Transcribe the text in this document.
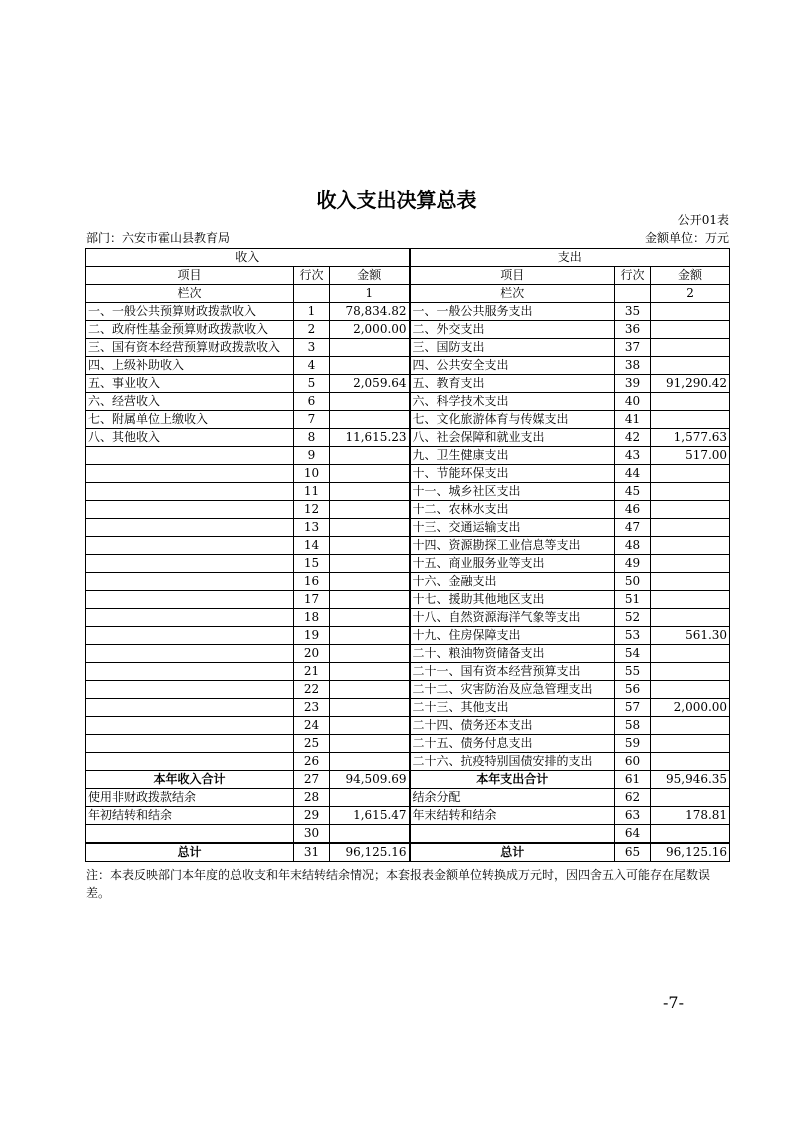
收入支出决算总表
公开01表
部门：六安市霍山县教育局	金额单位：万元
收入			支出		
项目	行次	金额	项目	行次	金额
栏次		1	栏次		2
一、一般公共预算财政拨款收入	1	78,834.82	一、一般公共服务支出	35	
二、政府性基金预算财政拨款收入	2	2,000.00	二、外交支出	36	
三、国有资本经营预算财政拨款收入	3		三、国防支出	37	
四、上级补助收入	4		四、公共安全支出	38	
五、事业收入	5	2,059.64	五、教育支出	39	91,290.42
六、经营收入	6		六、科学技术支出	40	
七、附属单位上缴收入	7		七、文化旅游体育与传媒支出	41	
八、其他收入	8	11,615.23	八、社会保障和就业支出	42	1,577.63
	9		九、卫生健康支出	43	517.00
	10		十、节能环保支出	44	
	11		十一、城乡社区支出	45	
	12		十二、农林水支出	46	
	13		十三、交通运输支出	47	
	14		十四、资源勘探工业信息等支出	48	
	15		十五、商业服务业等支出	49	
	16		十六、金融支出	50	
	17		十七、援助其他地区支出	51	
	18		十八、自然资源海洋气象等支出	52	
	19		十九、住房保障支出	53	561.30
	20		二十、粮油物资储备支出	54	
	21		二十一、国有资本经营预算支出	55	
	22		二十二、灾害防治及应急管理支出	56	
	23		二十三、其他支出	57	2,000.00
	24		二十四、债务还本支出	58	
	25		二十五、债务付息支出	59	
	26		二十六、抗疫特别国债安排的支出	60	
本年收入合计	27	94,509.69	本年支出合计	61	95,946.35
使用非财政拨款结余	28		结余分配	62	
年初结转和结余	29	1,615.47	年末结转和结余	63	178.81
	30			64	
总计	31	96,125.16	总计	65	96,125.16
注：本表反映部门本年度的总收支和年末结转结余情况；本套报表金额单位转换成万元时，因四舍五入可能存在尾数误差。
-7-
